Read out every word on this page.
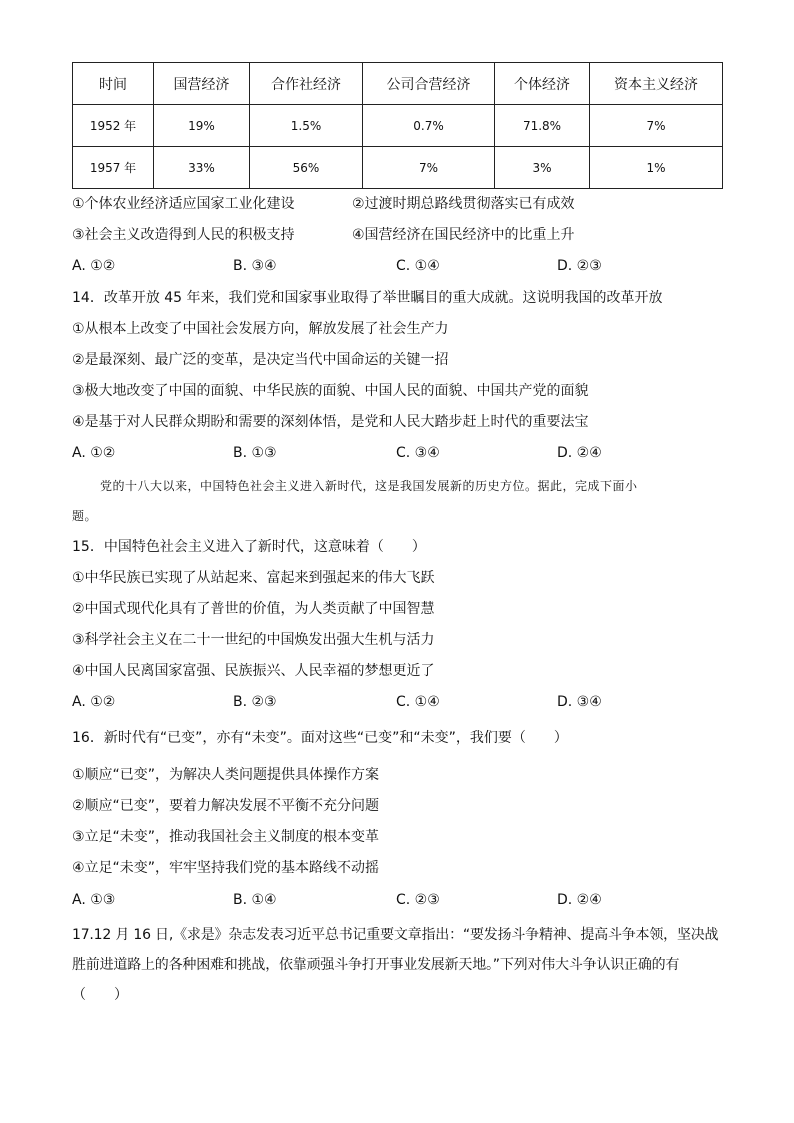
时间	国营经济	合作社经济	公司合营经济	个体经济	资本主义经济
1952 年	19%	1.5%	0.7%	71.8%	7%
1957 年	33%	56%	7%	3%	1%
①个体农业经济适应国家工业化建设	②过渡时期总路线贯彻落实已有成效
③社会主义改造得到人民的积极支持	④国营经济在国民经济中的比重上升
A. ①②	B. ③④	C. ①④	D. ②③
14．改革开放 45 年来，我们党和国家事业取得了举世瞩目的重大成就。这说明我国的改革开放
①从根本上改变了中国社会发展方向，解放发展了社会生产力
②是最深刻、最广泛的变革，是决定当代中国命运的关键一招
③极大地改变了中国的面貌、中华民族的面貌、中国人民的面貌、中国共产党的面貌
④是基于对人民群众期盼和需要的深刻体悟，是党和人民大踏步赶上时代的重要法宝
A. ①②	B. ①③	C. ③④	D. ②④
党的十八大以来，中国特色社会主义进入新时代，这是我国发展新的历史方位。据此，完成下面小
题。
15．中国特色社会主义进入了新时代，这意味着（　　）
①中华民族已实现了从站起来、富起来到强起来的伟大飞跃
②中国式现代化具有了普世的价值，为人类贡献了中国智慧
③科学社会主义在二十一世纪的中国焕发出强大生机与活力
④中国人民离国家富强、民族振兴、人民幸福的梦想更近了
A. ①②	B. ②③	C. ①④	D. ③④
16．新时代有“已变”，亦有“未变”。面对这些“已变”和“未变”，我们要（　　）
①顺应“已变”，为解决人类问题提供具体操作方案
②顺应“已变”，要着力解决发展不平衡不充分问题
③立足“未变”，推动我国社会主义制度的根本变革
④立足“未变”，牢牢坚持我们党的基本路线不动摇
A. ①③	B. ①④	C. ②③	D. ②④
17.12 月 16 日,《求是》杂志发表习近平总书记重要文章指出：“要发扬斗争精神、提高斗争本领，坚决战
胜前进道路上的各种困难和挑战，依靠顽强斗争打开事业发展新天地。”下列对伟大斗争认识正确的有
（　　）
